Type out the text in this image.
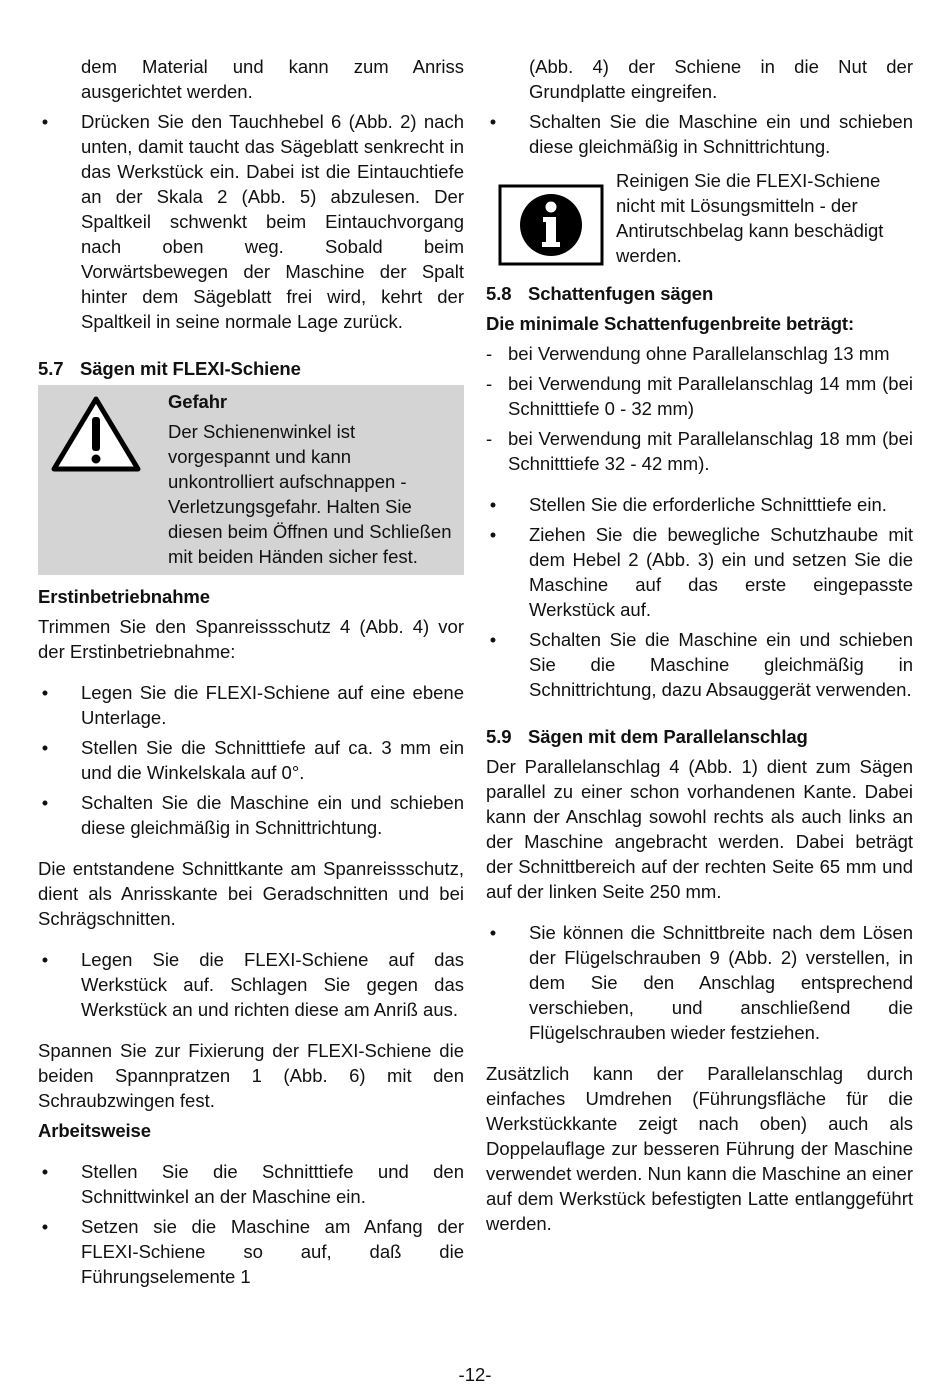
dem Material und kann zum Anriss ausgerichtet werden.
• Drücken Sie den Tauchhebel 6 (Abb. 2) nach unten, damit taucht das Sägeblatt senkrecht in das Werkstück ein. Dabei ist die Eintauchtiefe an der Skala 2 (Abb. 5) abzulesen. Der Spaltkeil schwenkt beim Eintauchvorgang nach oben weg. Sobald beim Vorwärtsbewegen der Maschine der Spalt hinter dem Sägeblatt frei wird, kehrt der Spaltkeil in seine normale Lage zurück.
5.7 Sägen mit FLEXI-Schiene
Gefahr
Der Schienenwinkel ist vorgespannt und kann unkontrolliert aufschnappen - Verletzungsgefahr. Halten Sie diesen beim Öffnen und Schließen mit beiden Händen sicher fest.
Erstinbetriebnahme

Trimmen Sie den Spanreissschutz 4 (Abb. 4) vor der Erstinbetriebnahme:

• Legen Sie die FLEXI-Schiene auf eine ebene Unterlage.
• Stellen Sie die Schnitttiefe auf ca. 3 mm ein und die Winkelskala auf 0°.
• Schalten Sie die Maschine ein und schieben diese gleichmäßig in Schnittrichtung.

Die entstandene Schnittkante am Spanreissschutz, dient als Anrisskante bei Geradschnitten und bei Schrägschnitten.

• Legen Sie die FLEXI-Schiene auf das Werkstück auf. Schlagen Sie gegen das Werkstück an und richten diese am Anriß aus.

Spannen Sie zur Fixierung der FLEXI-Schiene die beiden Spannpratzen 1 (Abb. 6) mit den Schraubzwingen fest.

Arbeitsweise
• Stellen Sie die Schnitttiefe und den Schnittwinkel an der Maschine ein.
• Setzen sie die Maschine am Anfang der FLEXI-Schiene so auf, daß die Führungselemente 1
(Abb. 4) der Schiene in die Nut der Grundplatte eingreifen.
• Schalten Sie die Maschine ein und schieben diese gleichmäßig in Schnittrichtung.
Reinigen Sie die FLEXI-Schiene nicht mit Lösungsmitteln - der Antirutschbelag kann beschädigt werden.
5.8 Schattenfugen sägen
Die minimale Schattenfugenbreite beträgt:
- bei Verwendung ohne Parallelanschlag 13 mm
- bei Verwendung mit Parallelanschlag 14 mm (bei Schnitttiefe 0 - 32 mm)
- bei Verwendung mit Parallelanschlag 18 mm (bei Schnitttiefe 32 - 42 mm).
• Stellen Sie die erforderliche Schnitttiefe ein.
• Ziehen Sie die bewegliche Schutzhaube mit dem Hebel 2 (Abb. 3) ein und setzen Sie die Maschine auf das erste eingepasste Werkstück auf.
• Schalten Sie die Maschine ein und schieben Sie die Maschine gleichmäßig in Schnittrichtung, dazu Absauggerät verwenden.
5.9 Sägen mit dem Parallelanschlag

Der Parallelanschlag 4 (Abb. 1) dient zum Sägen parallel zu einer schon vorhandenen Kante. Dabei kann der Anschlag sowohl rechts als auch links an der Maschine angebracht werden. Dabei beträgt der Schnittbereich auf der rechten Seite 65 mm und auf der linken Seite 250 mm.

• Sie können die Schnittbreite nach dem Lösen der Flügelschrauben 9 (Abb. 2) verstellen, in dem Sie den Anschlag entsprechend verschieben, und anschließend die Flügelschrauben wieder festziehen.

Zusätzlich kann der Parallelanschlag durch einfaches Umdrehen (Führungsfläche für die Werkstückkante zeigt nach oben) auch als Doppelauflage zur besseren Führung der Maschine verwendet werden. Nun kann die Maschine an einer auf dem Werkstück befestigten Latte entlanggeführt werden.

-12-
